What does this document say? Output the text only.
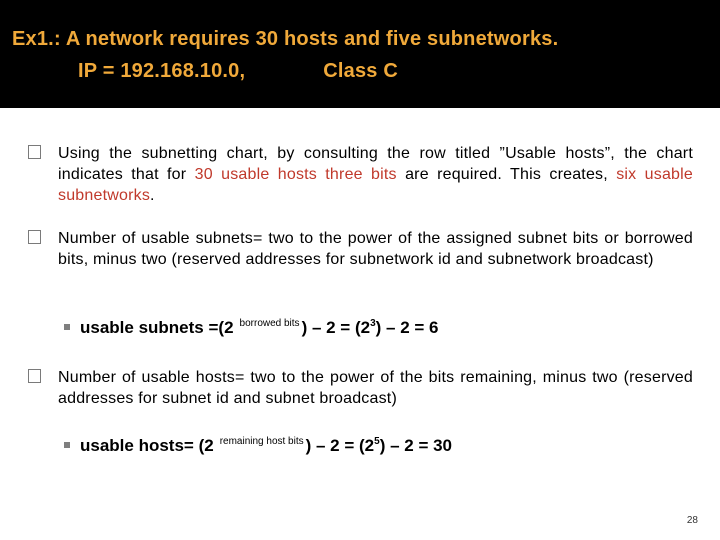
Ex1.: A network requires 30 hosts and five subnetworks.
IP = 192.168.10.0,	Class C
Using the subnetting chart, by consulting the row titled ”Usable hosts”, the chart indicates that for 30 usable hosts three bits are required. This creates, six usable subnetworks.
Number of usable subnets= two to the power of the assigned subnet bits or borrowed bits, minus two (reserved addresses for subnetwork id and subnetwork broadcast)
usable subnets =(2 $^{borrowed bits}$ ) – $2 = (2^3) - 2 = 6$
Number of usable hosts= two to the power of the bits remaining, minus two (reserved addresses for subnet id and subnet broadcast)
usable hosts= (2 $^{remaining host bits}$ ) – $2 = (2^5) - 2 = 30$
28
